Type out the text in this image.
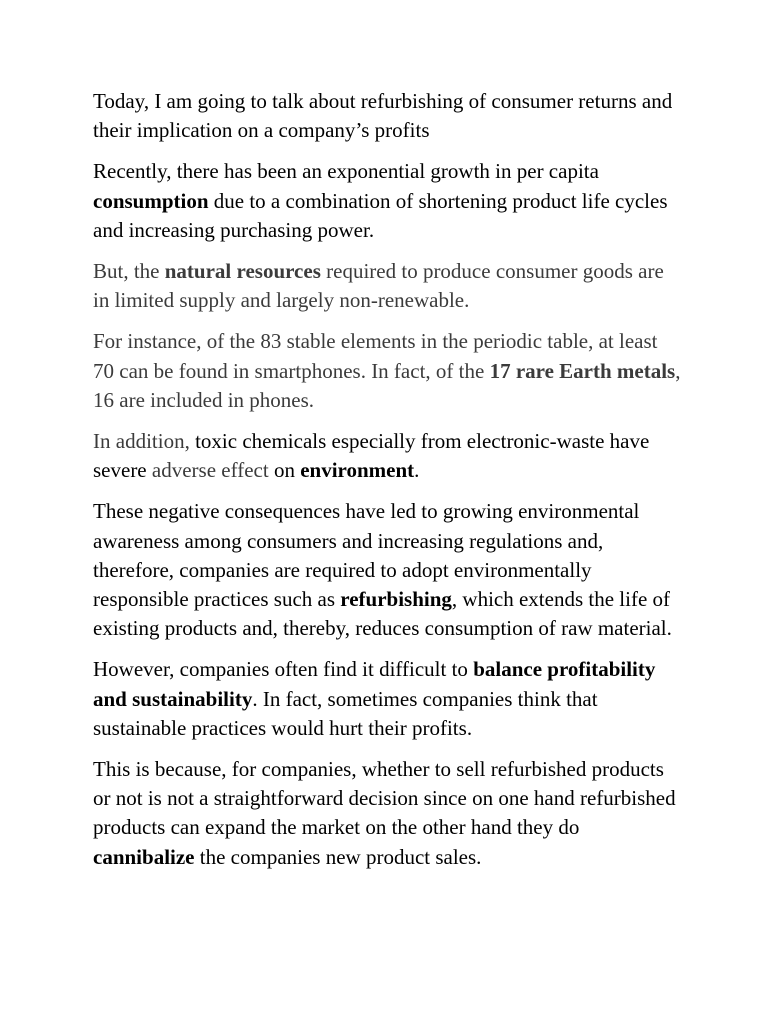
Today, I am going to talk about refurbishing of consumer returns and their implication on a company’s profits

Recently, there has been an exponential growth in per capita consumption due to a combination of shortening product life cycles and increasing purchasing power.

But, the natural resources required to produce consumer goods are in limited supply and largely non-renewable.

For instance, of the 83 stable elements in the periodic table, at least 70 can be found in smartphones. In fact, of the 17 rare Earth metals, 16 are included in phones.

In addition, toxic chemicals especially from electronic-waste have severe adverse effect on environment.

These negative consequences have led to growing environmental awareness among consumers and increasing regulations and, therefore, companies are required to adopt environmentally responsible practices such as refurbishing, which extends the life of existing products and, thereby, reduces consumption of raw material.

However, companies often find it difficult to balance profitability and sustainability. In fact, sometimes companies think that sustainable practices would hurt their profits.

This is because, for companies, whether to sell refurbished products or not is not a straightforward decision since on one hand refurbished products can expand the market on the other hand they do cannibalize the companies new product sales.
